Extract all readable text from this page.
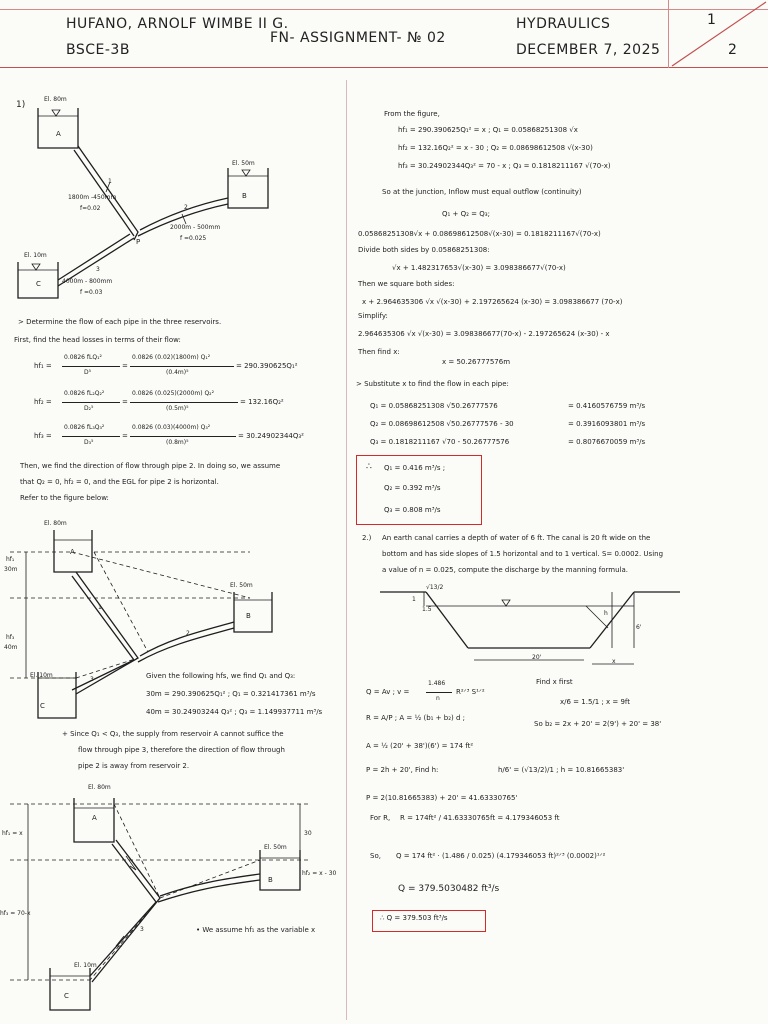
HUFANO, ARNOLF WIMBE II G.
BSCE-3B
FN- ASSIGNMENT- № 02
HYDRAULICS
DECEMBER 7, 2025
1
2
1)
El. 80m
A
El. 50m
B
El. 10m
C
P
1
2
3
1800m -450mm
f=0.02
2000m - 500mm
f =0.025
4000m - 800mm
f =0.03
> Determine the flow of each pipe in the three reservoirs.
First, find the head losses in terms of their flow:
hf₁ =
0.0826 fLQ₁²
D⁵
=
0.0826 (0.02)(1800m) Q₁²
(0.4m)⁵
= 290.390625Q₁²
hf₂ =
0.0826 fL₂Q₂²
D₂⁵
=
0.0826 (0.025)(2000m) Q₂²
(0.5m)⁵
= 132.16Q₂²
hf₃ =
0.0826 fL₃Q₃²
D₃⁵
=
0.0826 (0.03)(4000m) Q₃²
(0.8m)⁵
= 30.24902344Q₃²
Then, we find the direction of flow through pipe 2. In doing so, we assume
that Q₂ = 0, hf₂ = 0, and the EGL for pipe 2 is horizontal.
Refer to the figure below:
El. 80m
A
El. 50m
B
El. 10m
C
hf₁
30m
hf₃
40m
1
2
3	Given the following hfs, we find Q₁ and Q₃:
30m = 290.390625Q₁² ; Q₁ = 0.321417361 m³/s
40m = 30.24903244 Q₃² ; Q₃ = 1.149937711 m³/s
+ Since Q₁ < Q₃, the supply from reservoir A cannot suffice the
flow through pipe 3, therefore the direction of flow through
pipe 2 is away from reservoir 2.
El. 80m
A
El. 50m
B
El. 10m
C
hf₁ = x
hf₃ = 70-x
hf₂ = x - 30
30
3	• We assume hf₁ as the variable x
From the figure,
hf₁ = 290.390625Q₁² = x ; Q₁ = 0.05868251308 √x
hf₂ = 132.16Q₂² = x - 30 ; Q₂ = 0.08698612508 √(x-30)
hf₃ = 30.24902344Q₃² = 70 - x ; Q₃ = 0.1818211167 √(70-x)
So at the junction, Inflow must equal outflow (continuity)
Q₁ + Q₂ = Q₃;
0.05868251308√x + 0.08698612508√(x-30) = 0.1818211167√(70-x)
Divide both sides by 0.05868251308:
√x + 1.482317653√(x-30) = 3.098386677√(70-x)
Then we square both sides:
x + 2.964635306 √x √(x-30) + 2.197265624 (x-30) = 3.098386677 (70-x)
Simplify:
2.964635306 √x √(x-30) = 3.098386677(70-x) - 2.197265624 (x-30) - x
Then find x:
x = 50.26777576m
> Substitute x to find the flow in each pipe:
Q₁ = 0.05868251308 √50.26777576	= 0.4160576759 m³/s
Q₂ = 0.08698612508 √50.26777576 - 30	= 0.3916093801 m³/s
Q₃ = 0.1818211167 √70 - 50.26777576	= 0.8076670059 m³/s
∴ Q₁ = 0.416 m³/s ;
Q₂ = 0.392 m³/s
Q₃ = 0.808 m³/s
2.) An earth canal carries a depth of water of 6 ft. The canal is 20 ft wide on the
bottom and has side slopes of 1.5 horizontal and to 1 vertical. S= 0.0002. Using
a value of n = 0.025, compute the discharge by the manning formula.
√13/2
1
1.5
h
6'
20'
x
Q = Av ; v =
1.486
n
R²ᐟ³ S¹ᐟ²
Find x first
R = A/P ; A = ½ (b₁ + b₂) d ;
x/6 = 1.5/1 ; x = 9ft
So b₂ = 2x + 20' = 2(9') + 20' = 38'
A = ½ (20' + 38')(6') = 174 ft²
P = 2h + 20', Find h:	h/6' = (√13/2)/1 ; h = 10.81665383'
P = 2(10.81665383) + 20' = 41.63330765'
For R, R = 174ft² / 41.63330765ft = 4.179346053 ft
So, Q = 174 ft² · (1.486 / 0.025) (4.179346053 ft)²ᐟ³ (0.0002)¹ᐟ²
Q = 379.5030482 ft³/s
∴ Q = 379.503 ft³/s
